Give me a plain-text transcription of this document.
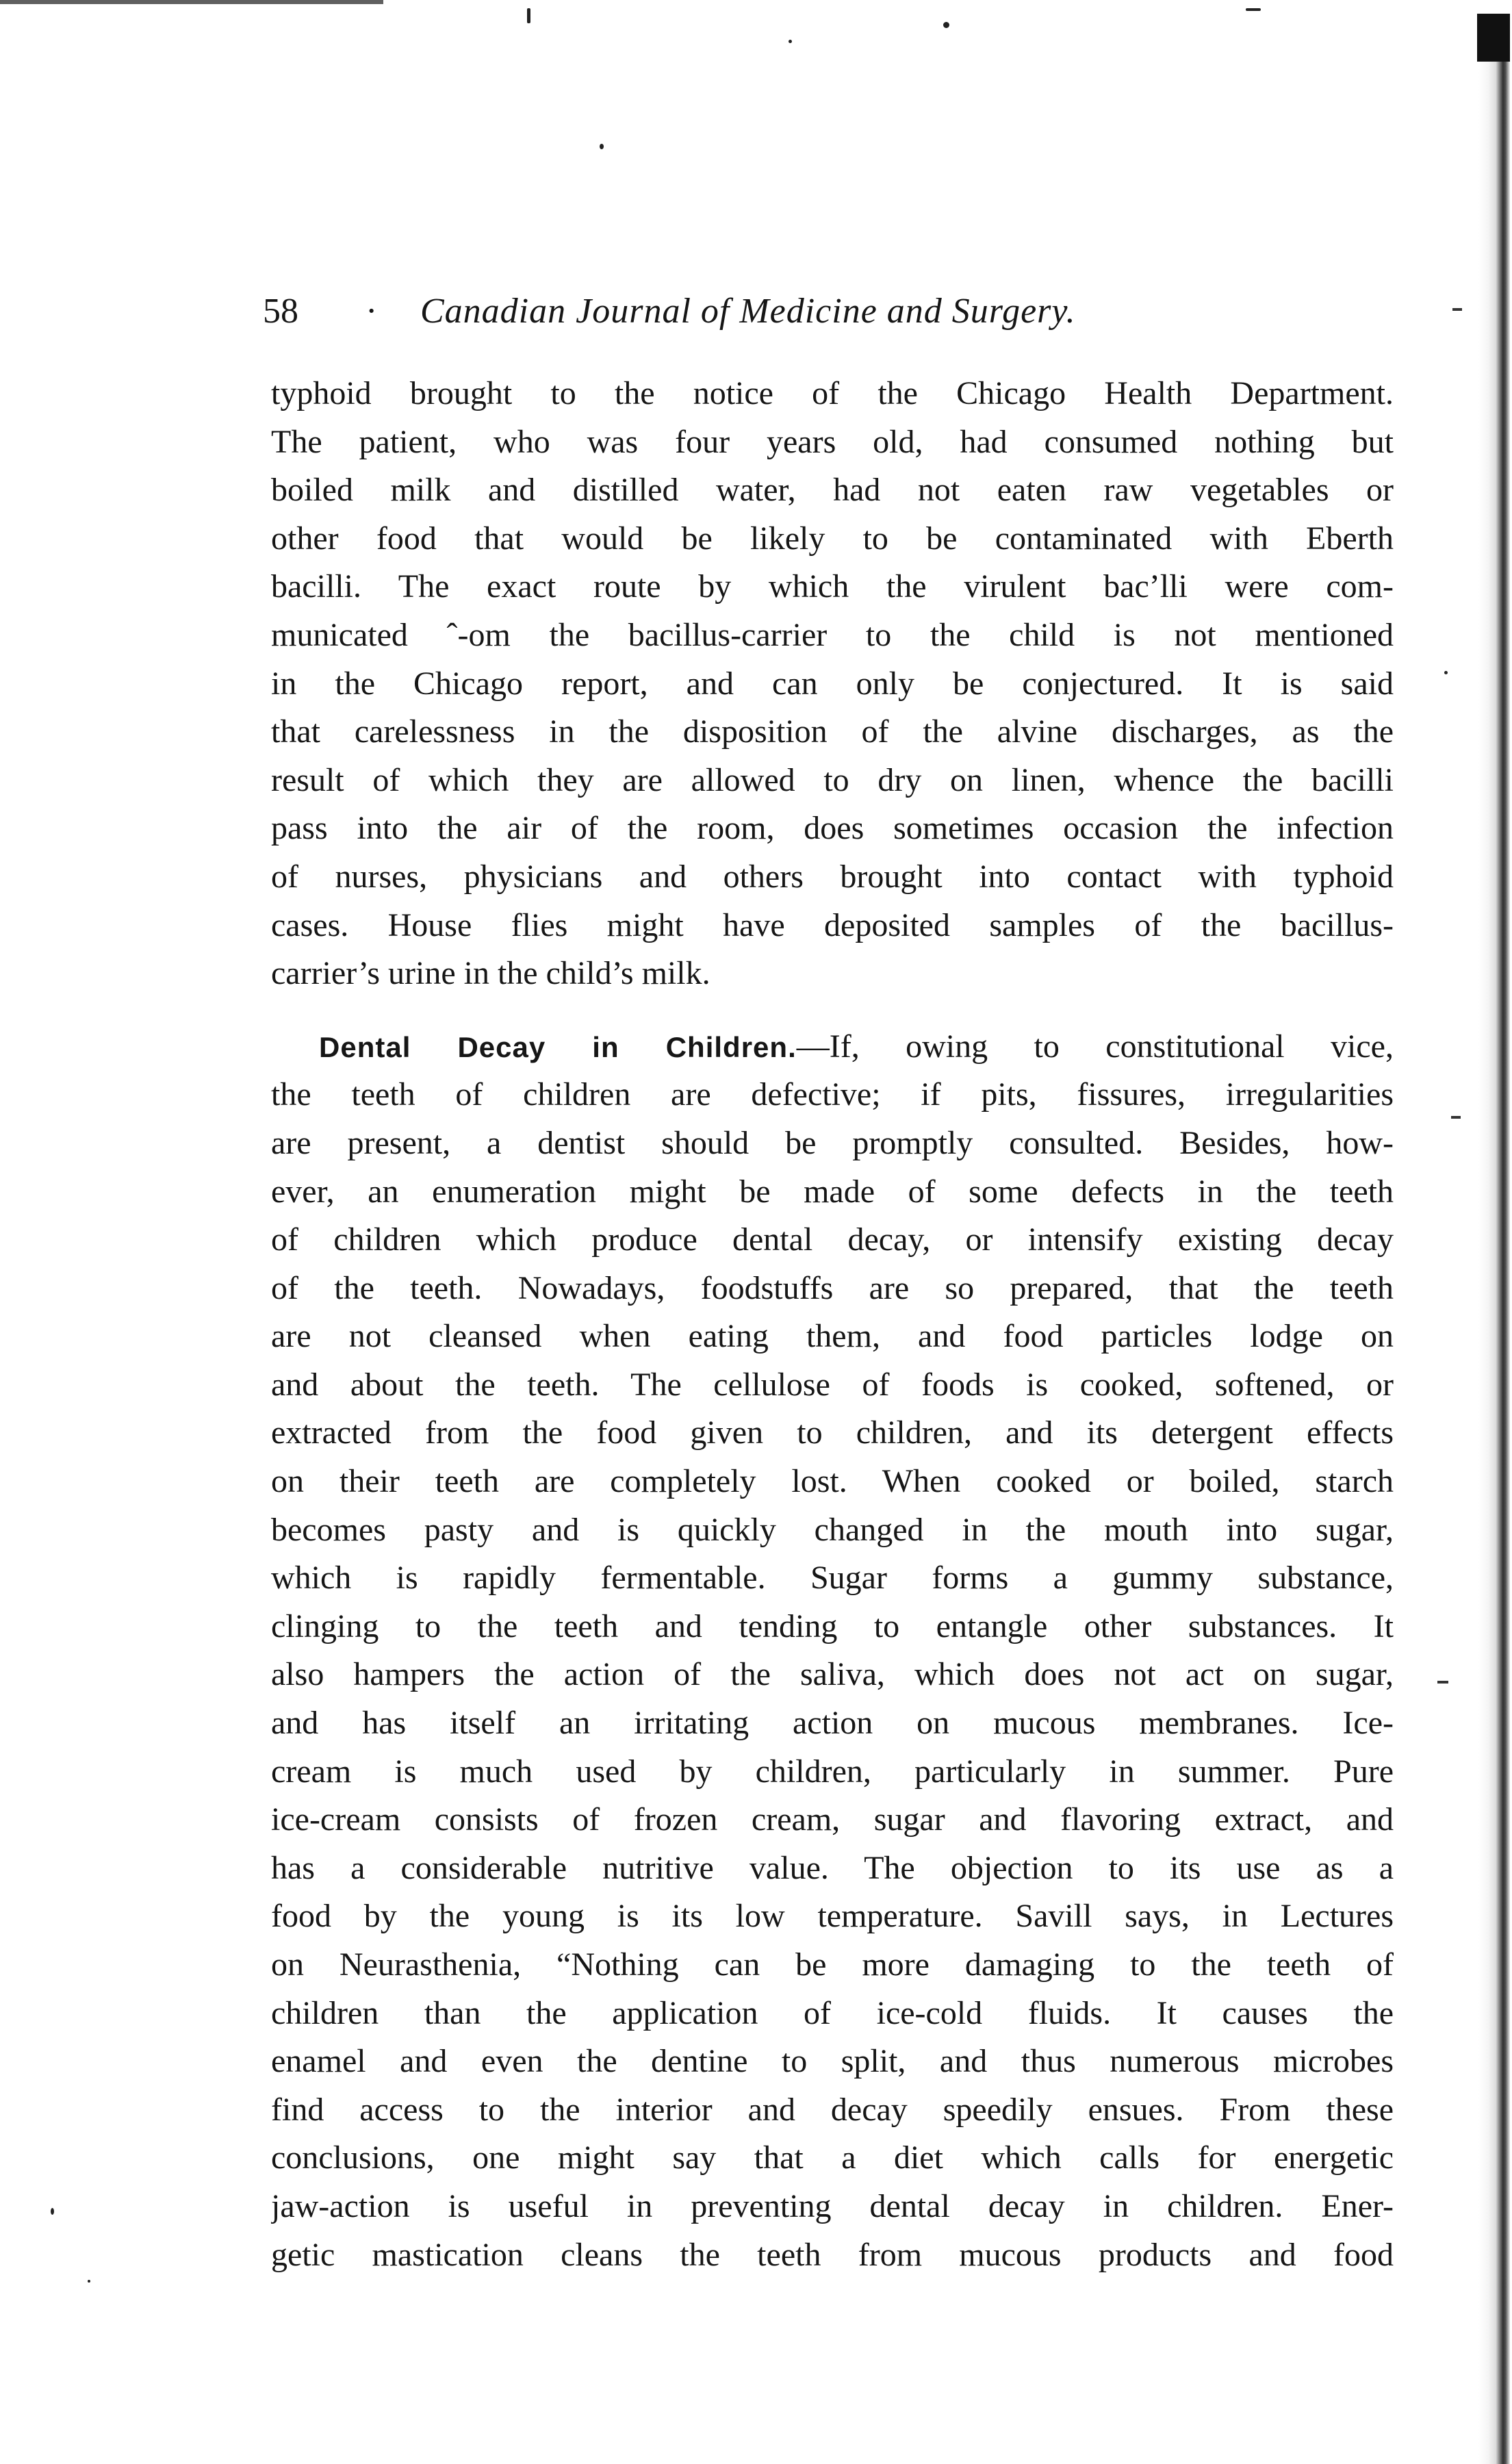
58 · Canadian Journal of Medicine and Surgery.
typhoid brought to the notice of the Chicago Health Department.
The patient, who was four years old, had consumed nothing but
boiled milk and distilled water, had not eaten raw vegetables or
other food that would be likely to be contaminated with Eberth
bacilli. The exact route by which the virulent bac’lli were com-
municated ˆ-om the bacillus-carrier to the child is not mentioned
in the Chicago report, and can only be conjectured. It is said
that carelessness in the disposition of the alvine discharges, as the
result of which they are allowed to dry on linen, whence the bacilli
pass into the air of the room, does sometimes occasion the infection
of nurses, physicians and others brought into contact with typhoid
cases. House flies might have deposited samples of the bacillus-
carrier’s urine in the child’s milk.
Dental Decay in Children.—If, owing to constitutional vice,
the teeth of children are defective; if pits, fissures, irregularities
are present, a dentist should be promptly consulted. Besides, how-
ever, an enumeration might be made of some defects in the teeth
of children which produce dental decay, or intensify existing decay
of the teeth. Nowadays, foodstuffs are so prepared, that the teeth
are not cleansed when eating them, and food particles lodge on
and about the teeth. The cellulose of foods is cooked, softened, or
extracted from the food given to children, and its detergent effects
on their teeth are completely lost. When cooked or boiled, starch
becomes pasty and is quickly changed in the mouth into sugar,
which is rapidly fermentable. Sugar forms a gummy substance,
clinging to the teeth and tending to entangle other substances. It
also hampers the action of the saliva, which does not act on sugar,
and has itself an irritating action on mucous membranes. Ice-
cream is much used by children, particularly in summer. Pure
ice-cream consists of frozen cream, sugar and flavoring extract, and
has a considerable nutritive value. The objection to its use as a
food by the young is its low temperature. Savill says, in Lectures
on Neurasthenia, “Nothing can be more damaging to the teeth of
children than the application of ice-cold fluids. It causes the
enamel and even the dentine to split, and thus numerous microbes
find access to the interior and decay speedily ensues. From these
conclusions, one might say that a diet which calls for energetic
jaw-action is useful in preventing dental decay in children. Ener-
getic mastication cleans the teeth from mucous products and food
